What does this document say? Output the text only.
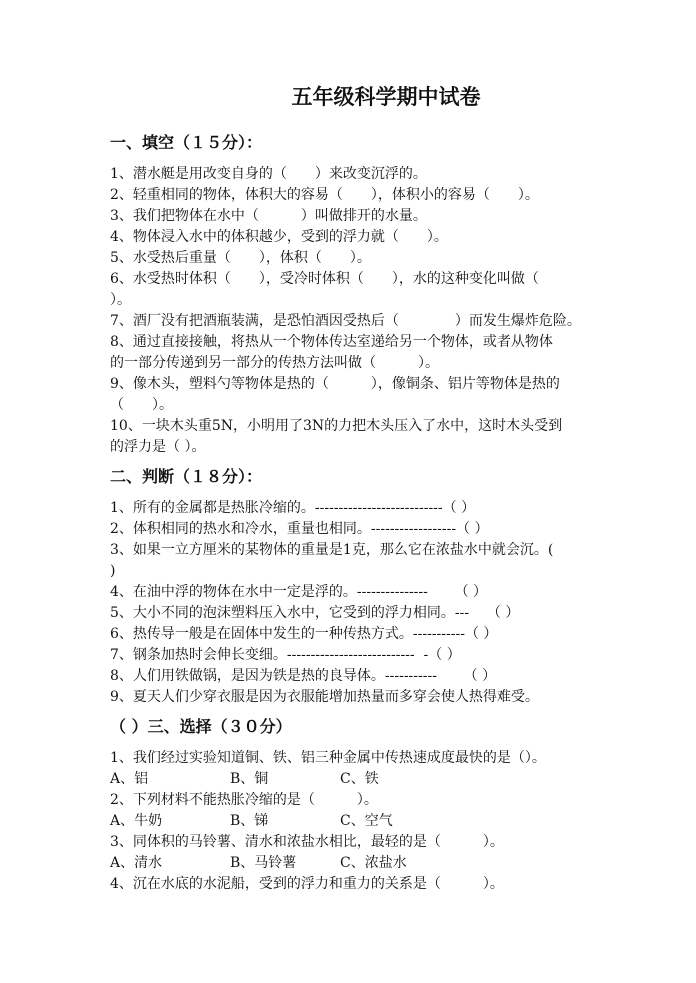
五年级科学期中试卷
一、填空（１５分）：
1、潜水艇是用改变自身的（　　）来改变沉浮的。
2、轻重相同的物体，体积大的容易（　　），体积小的容易（　　）。
3、我们把物体在水中（　　　）叫做排开的水量。
4、物体浸入水中的体积越少，受到的浮力就（　　）。
5、水受热后重量（　　），体积（　　）。
6、水受热时体积（　　），受冷时体积（　　），水的这种变化叫做（
）。
7、酒厂没有把酒瓶装满，是恐怕酒因受热后（　　　　）而发生爆炸危险。
8、通过直接接触，将热从一个物体传达室递给另一个物体，或者从物体
的一部分传递到另一部分的传热方法叫做（　　　）。
9、像木头，塑料勺等物体是热的（　　　），像铜条、铝片等物体是热的
（　　）。
10、一块木头重5N，小明用了3N的力把木头压入了水中，这时木头受到
的浮力是（ ）。
二、判断（１８分）：
1、所有的金属都是热胀冷缩的。---------------------------（ ）
2、体积相同的热水和冷水，重量也相同。------------------（ ）
3、如果一立方厘米的某物体的重量是1克，那么它在浓盐水中就会沉。(
)
4、在油中浮的物体在水中一定是浮的。---------------      （ ）
5、大小不同的泡沫塑料压入水中，它受到的浮力相同。---    （ ）
6、热传导一般是在固体中发生的一种传热方式。-----------（ ）
7、钢条加热时会伸长变细。---------------------------  -（ ）
8、人们用铁做锅，是因为铁是热的良导体。-----------      （ ）
9、夏天人们少穿衣服是因为衣服能增加热量而多穿会使人热得难受。
（ ）三、选择（３０分）
1、我们经过实验知道铜、铁、铝三种金属中传热速成度最快的是（）。
A、铝	B、铜	C、铁
2、下列材料不能热胀冷缩的是（　　　）。
A、牛奶	B、锑	C、空气
3、同体积的马铃薯、清水和浓盐水相比，最轻的是（　　　）。
A、清水	B、马铃薯	C、浓盐水
4、沉在水底的水泥船，受到的浮力和重力的关系是（　　　）。
